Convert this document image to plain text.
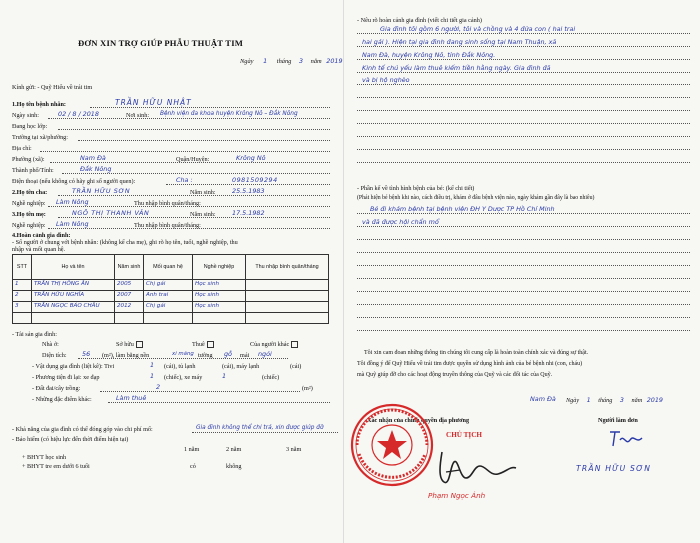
ĐƠN XIN TRỢ GIÚP PHẪU THUẬT TIM
Ngày 1 tháng 3 năm 2019
Kính gửi: - Quỹ Hiểu về trái tim
1.Họ tên bệnh nhân:	TRẦN HỮU NHẬT
Ngày sinh:	02 / 8 / 2018	Nơi sinh: Bệnh viện đa khoa huyện Krông Nô – Đắk Nông
Đang học lớp:
Trường tại xã/phường:
Địa chỉ:
Phường (xã):	Nam Đà	Quận/Huyện:	Krông Nô
Thành phố/Tỉnh:	Đắk Nông
Điện thoại (nếu không có hãy ghi số người quen):	Cha :	0981509294
2.Họ tên cha:	TRẦN HỮU SƠN	Năm sinh:	25.5.1983
Nghề nghiệp: Làm Nông	Thu nhập bình quân/tháng:
3.Họ tên mẹ:	NGÔ THỊ THANH VÂN	Năm sinh:	17.5.1982
Nghề nghiệp: Làm Nông	Thu nhập bình quân/tháng:
4.Hoàn cảnh gia đình:
- Số người ở chung với bệnh nhân: (không kể cha mẹ), ghi rõ họ tên, tuổi, nghề nghiệp, thu
nhập và mối quan hệ.
STT	Họ và tên	Năm sinh	Mối quan hệ	Nghề nghiệp	Thu nhập bình quân/tháng
1	TRẦN THỊ HỒNG ÂN	2005	Chị gái	Học sinh	
2	TRẦN HỮU NGHĨA	2007	Anh trai	Học sinh	
3	TRẦN NGỌC BẢO CHÂU	2012	Chị gái	Học sinh	

- Tài sản gia đình:
Nhà ở:	Sở hữu	Thuê	Của người khác
Diện tích: 56 (m²), làm bằng nền	xi măng tường gỗ mái ngói
- Vật dụng gia đình (liệt kê): Tivi	1 (cái), tủ lạnh	(cái), máy lạnh	(cái)
- Phương tiện đi lại: xe đạp	1 (chiếc), xe máy	1	(chiếc)
- Đất đai/cây trồng:	2	(m²)
- Những đặc điểm khác:	Làm thuê
- Khả năng của gia đình có thể đóng góp vào chi phí mổ:	Gia đình không thể chi trả, xin được giúp đỡ
- Bảo hiểm (có hiệu lực đến thời điểm hiện tại)
1 năm	2 năm	3 năm
+ BHYT học sinh
+ BHYT tre em dưới 6 tuổi	có	không
- Nêu rõ hoàn cảnh gia đình (viết chi tiết gia cảnh)
Gia đình tôi gồm 6 người, tôi và chồng và 4 đứa con ( hai trai
hai gái ). Hiện tại gia đình đang sinh sống tại Nam Thuận, xã
Nam Đà, huyện Krông Nô, tỉnh Đắk Nông.
Kinh tế chủ yếu làm thuê kiếm tiền hằng ngày. Gia đình đã
và bị hộ nghèo
- Phần kể về tình hình bệnh của bé: (kể chi tiết)
(Phát hiện bé bệnh khi nào, cách điều trị, khám ở đâu bệnh viện nào, ngày khám gần đây là bao nhiêu)
Bé đi khám bệnh tại bệnh viện ĐH Y Dược TP Hồ Chí Minh
và đã được hội chẩn mổ
Tôi xin cam đoan những thông tin chúng tôi cung cấp là hoàn toàn chính xác và đúng sự thật.
Tôi đồng ý để Quỹ Hiểu về trái tim được quyền sử dụng hình ảnh của bé bệnh nhi (con, cháu)
mà Quỹ giúp đỡ cho các hoạt động truyền thông của Quỹ và các đối tác của Quỹ.
Nam Đà Ngày 1 tháng 3 năm 2019
Xác nhận của chính quyền địa phương	Người làm đơn
CHỦ TỊCH
Phạm Ngọc Ánh
TRẦN HỮU SƠN
